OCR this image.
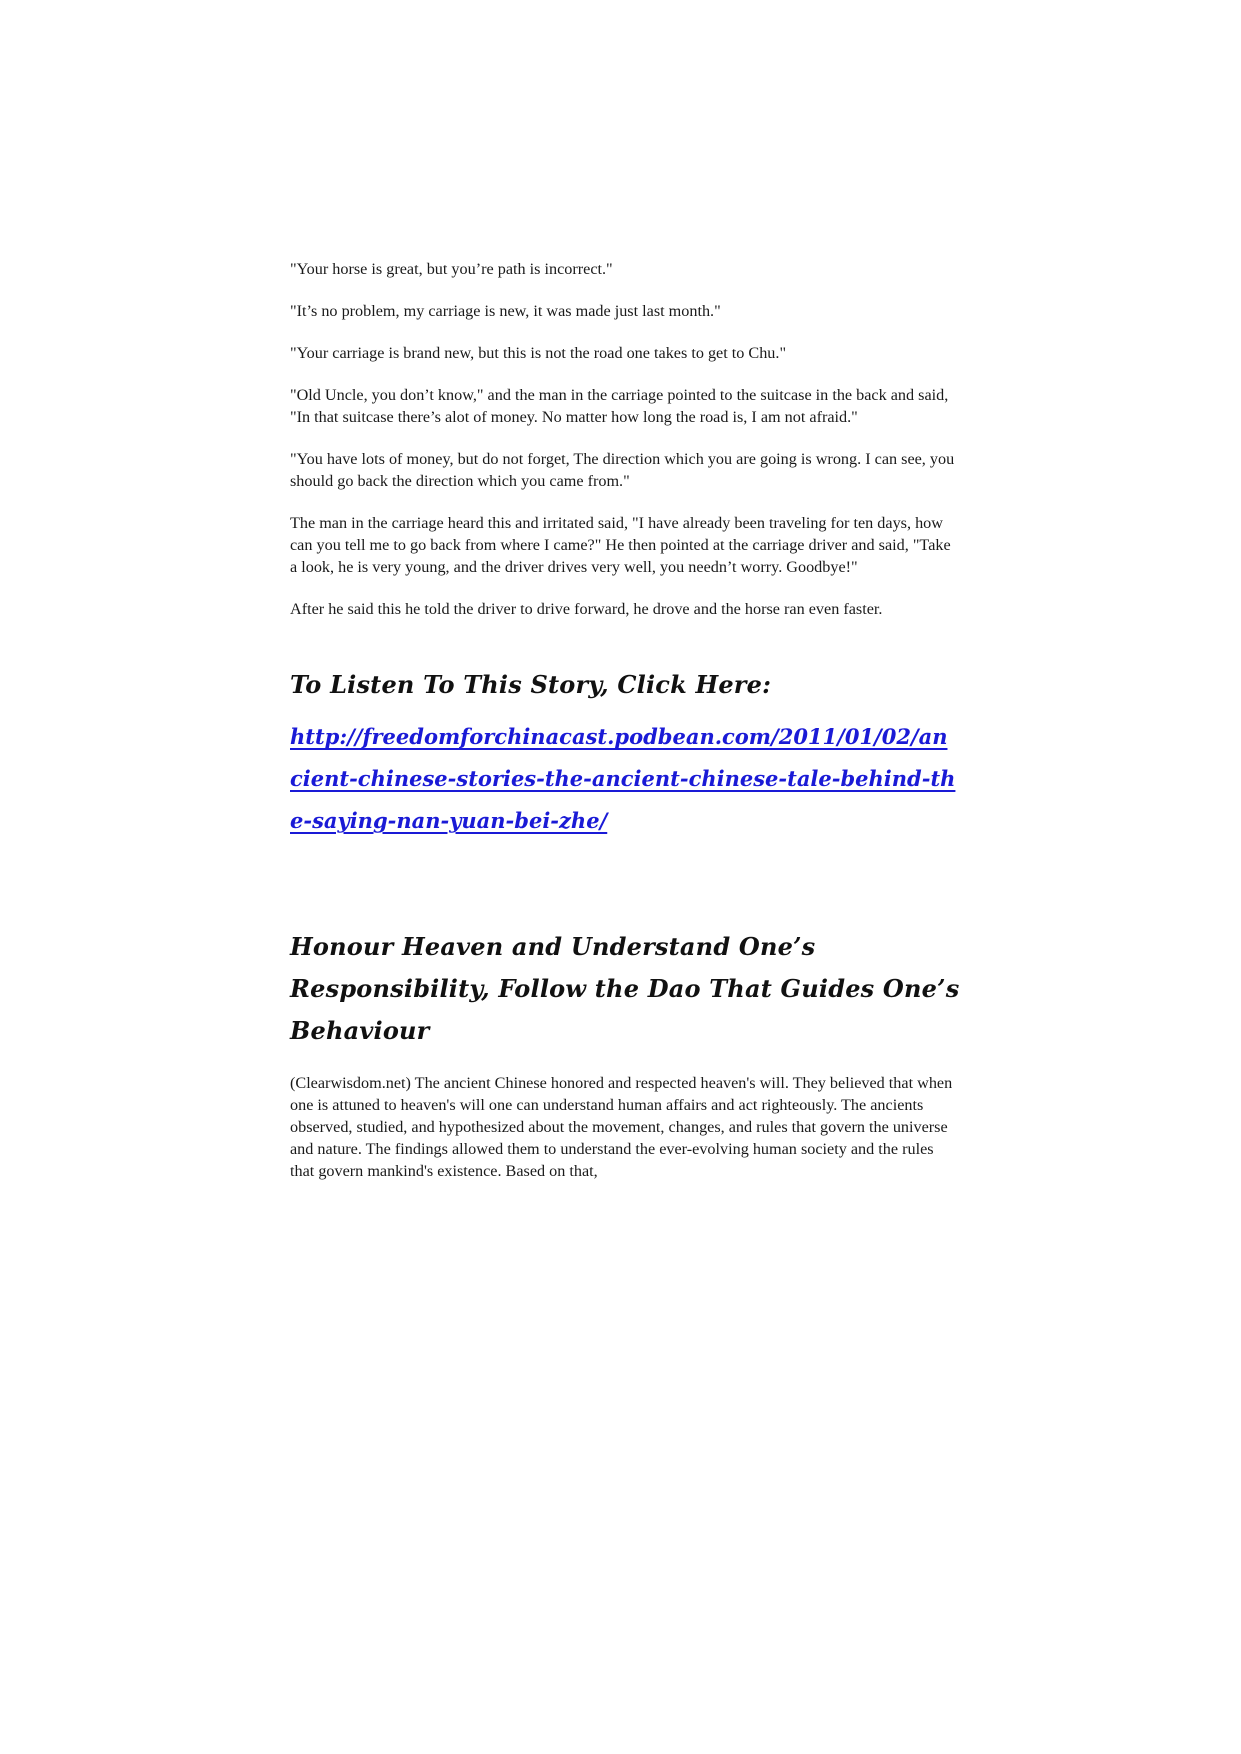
"Your horse is great, but you’re path is incorrect."

"It’s no problem, my carriage is new, it was made just last month."

"Your carriage is brand new, but this is not the road one takes to get to Chu."

"Old Uncle, you don’t know," and the man in the carriage pointed to the suitcase in the back and said, "In that suitcase there’s alot of money. No matter how long the road is, I am not afraid."

"You have lots of money, but do not forget, The direction which you are going is wrong. I can see, you should go back the direction which you came from."

The man in the carriage heard this and irritated said, "I have already been traveling for ten days, how can you tell me to go back from where I came?" He then pointed at the carriage driver and said, "Take a look, he is very young, and the driver drives very well, you needn’t worry. Goodbye!"

After he said this he told the driver to drive forward, he drove and the horse ran even faster.

To Listen To This Story, Click Here:
http://freedomforchinacast.podbean.com/2011/01/02/ancient-chinese-stories-the-ancient-chinese-tale-behind-the-saying-nan-yuan-bei-zhe/
Honour Heaven and Understand One’s Responsibility, Follow the Dao That Guides One’s Behaviour

(Clearwisdom.net) The ancient Chinese honored and respected heaven's will. They believed that when one is attuned to heaven's will one can understand human affairs and act righteously. The ancients observed, studied, and hypothesized about the movement, changes, and rules that govern the universe and nature. The findings allowed them to understand the ever-evolving human society and the rules that govern mankind's existence. Based on that,
